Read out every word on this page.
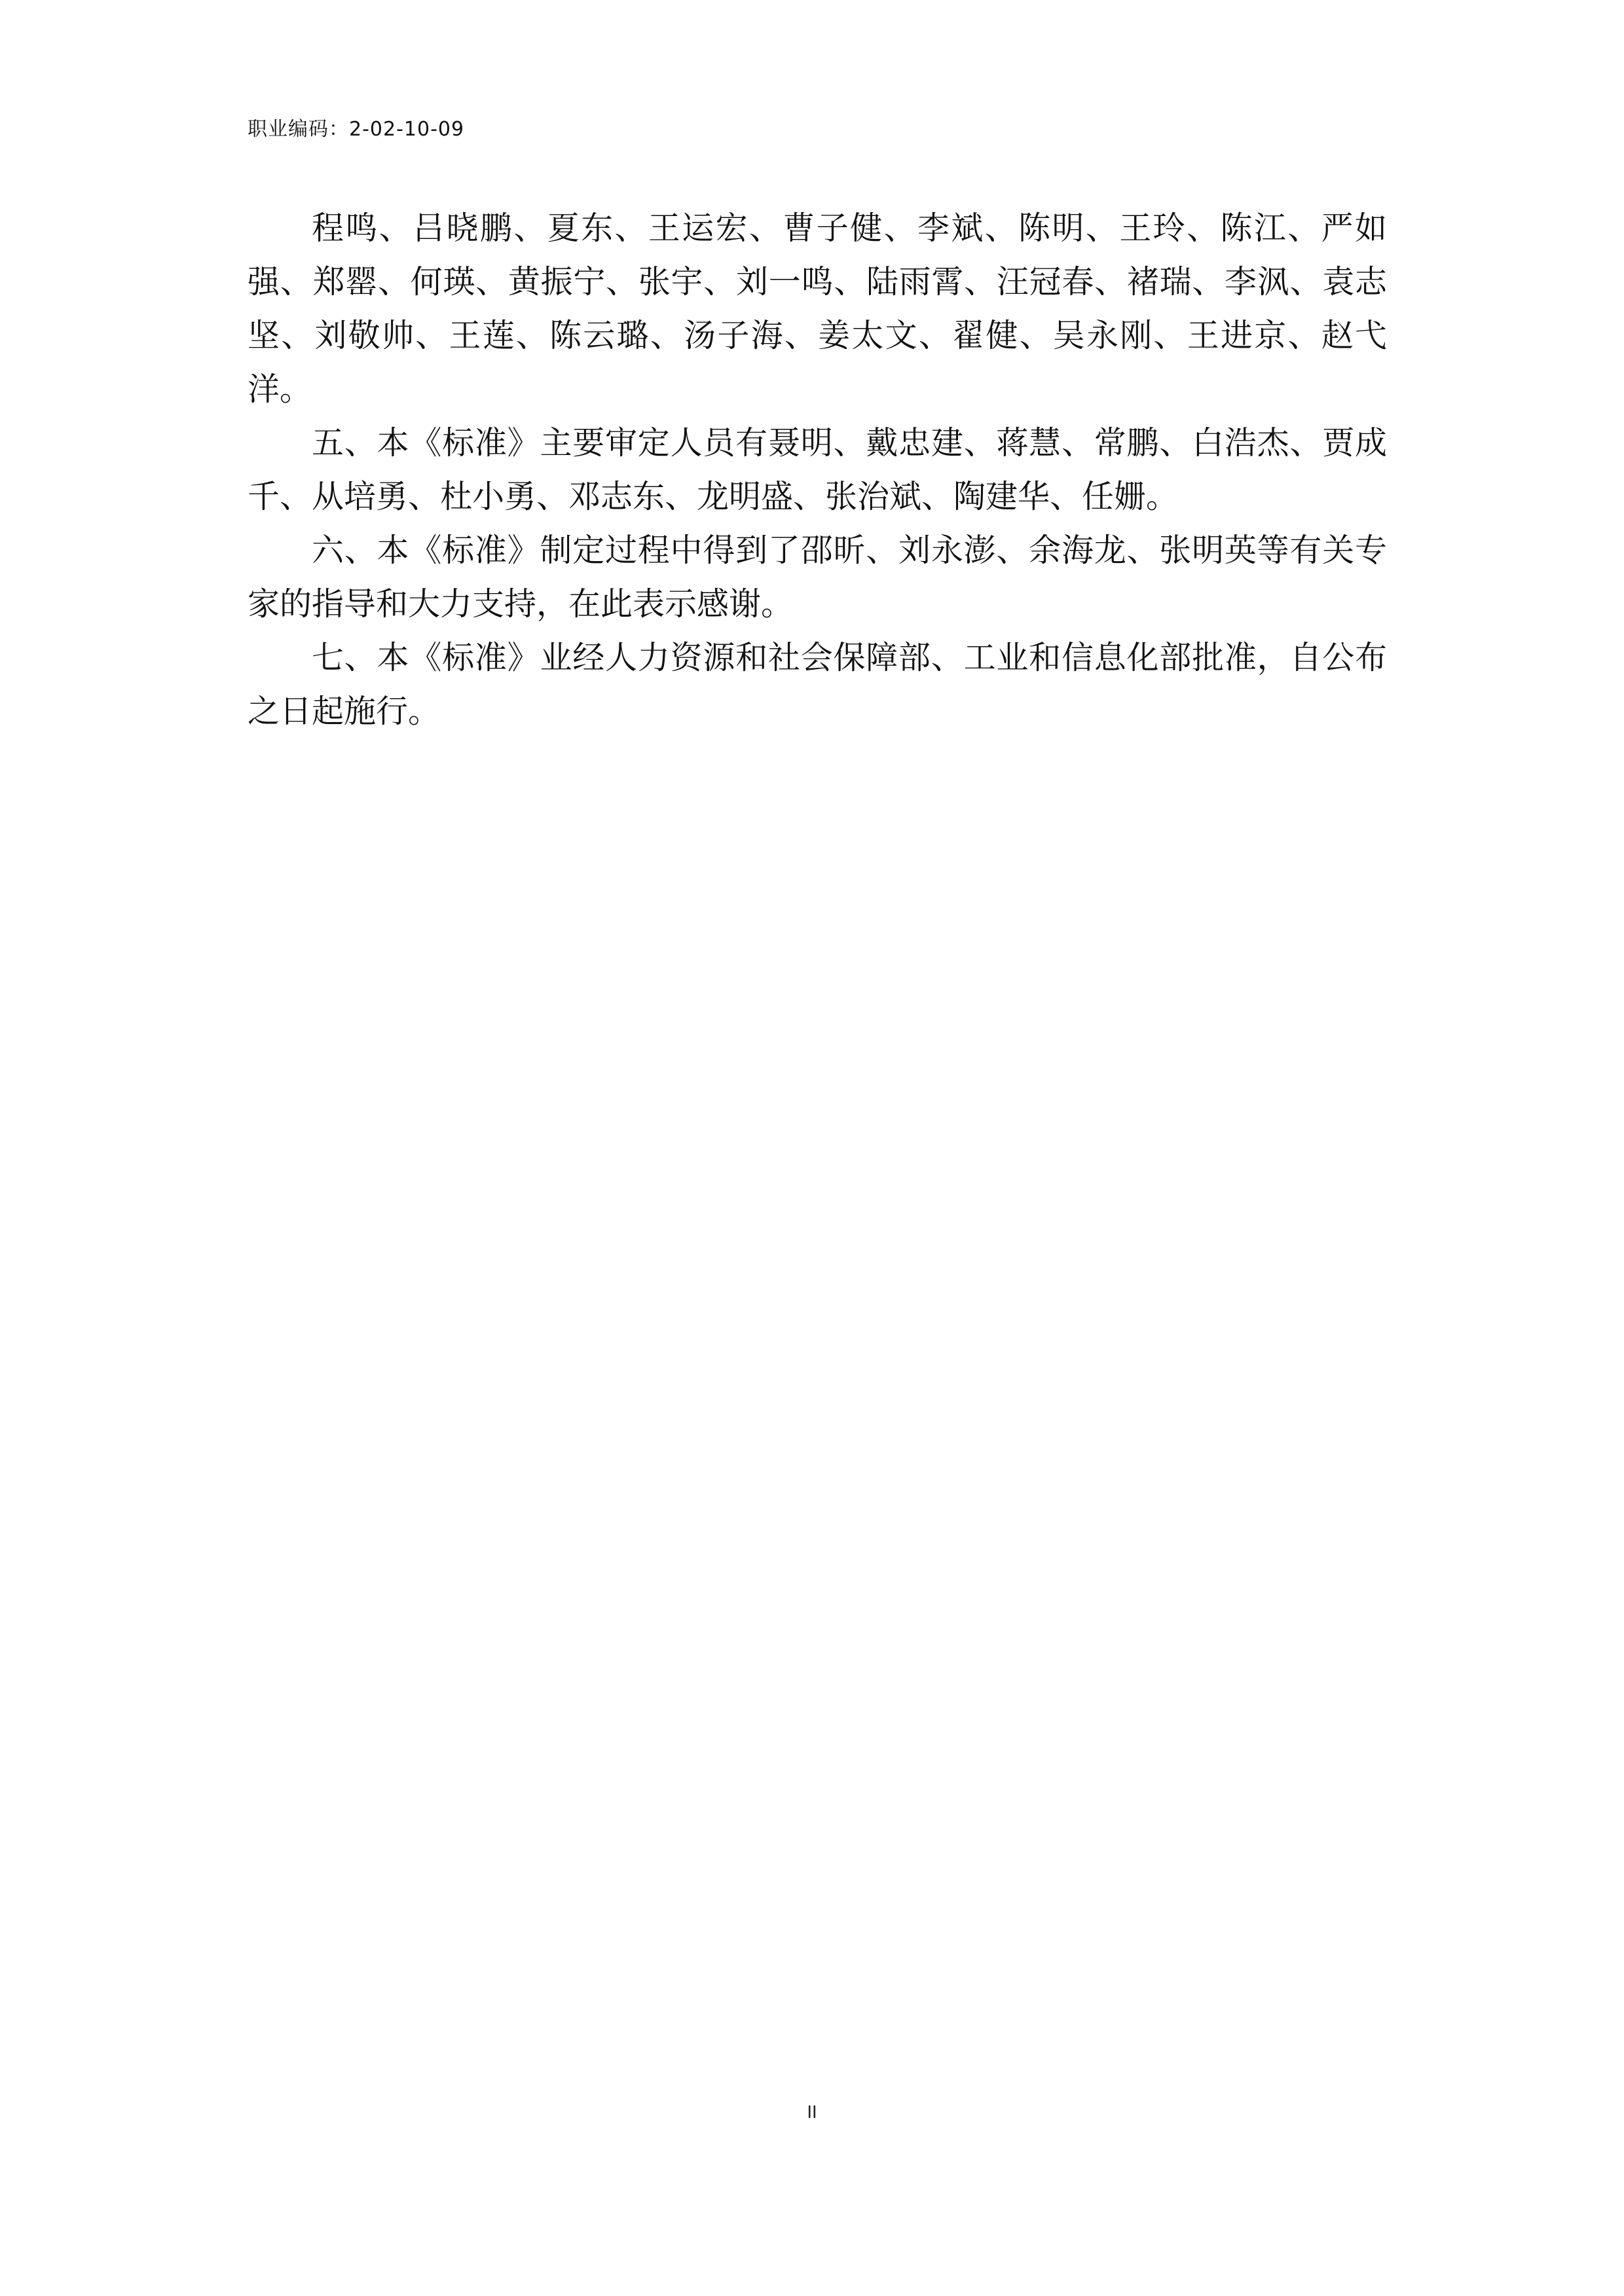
职业编码：2-02-10-09

程鸣、吕晓鹏、夏东、王运宏、曹子健、李斌、陈明、王玲、陈江、严如强、郑罂、何瑛、黄振宁、张宇、刘一鸣、陆雨霄、汪冠春、褚瑞、李沨、袁志坚、刘敬帅、王莲、陈云璐、汤子海、姜太文、翟健、吴永刚、王进京、赵弋洋。

五、本《标准》主要审定人员有聂明、戴忠建、蒋慧、常鹏、白浩杰、贾成千、从培勇、杜小勇、邓志东、龙明盛、张治斌、陶建华、任姗。

六、本《标准》制定过程中得到了邵昕、刘永澎、余海龙、张明英等有关专家的指导和大力支持，在此表示感谢。

七、本《标准》业经人力资源和社会保障部、工业和信息化部批准，自公布之日起施行。

II
